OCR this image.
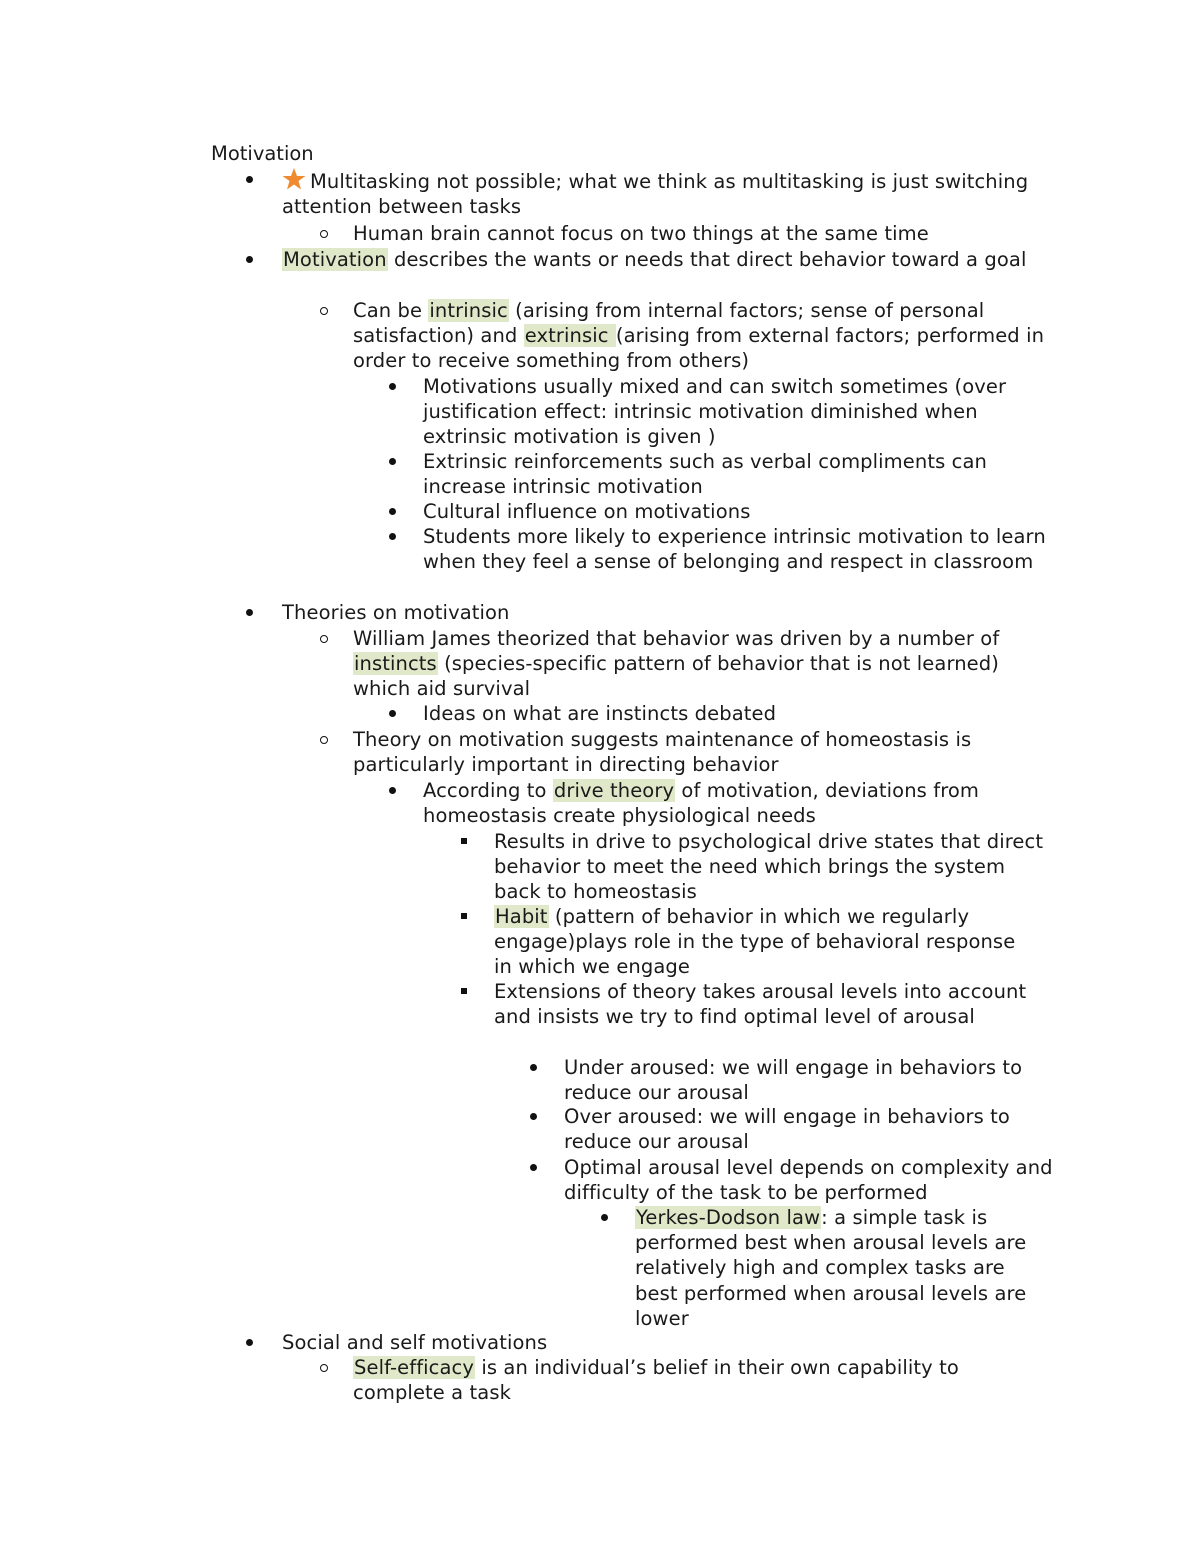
Motivation
Multitasking not possible; what we think as multitasking is just switching attention between tasks
Human brain cannot focus on two things at the same time
Motivation describes the wants or needs that direct behavior toward a goal
Can be intrinsic (arising from internal factors; sense of personal satisfaction) and extrinsic (arising from external factors; performed in order to receive something from others)
Motivations usually mixed and can switch sometimes (over justification effect: intrinsic motivation diminished when extrinsic motivation is given )
Extrinsic reinforcements such as verbal compliments can increase intrinsic motivation
Cultural influence on motivations
Students more likely to experience intrinsic motivation to learn when they feel a sense of belonging and respect in classroom
Theories on motivation
William James theorized that behavior was driven by a number of instincts (species-specific pattern of behavior that is not learned) which aid survival
Ideas on what are instincts debated
Theory on motivation suggests maintenance of homeostasis is particularly important in directing behavior
According to drive theory of motivation, deviations from homeostasis create physiological needs
Results in drive to psychological drive states that direct behavior to meet the need which brings the system back to homeostasis
Habit (pattern of behavior in which we regularly engage)plays role in the type of behavioral response in which we engage
Extensions of theory takes arousal levels into account and insists we try to find optimal level of arousal
Under aroused: we will engage in behaviors to reduce our arousal
Over aroused: we will engage in behaviors to reduce our arousal
Optimal arousal level depends on complexity and difficulty of the task to be performed
Yerkes-Dodson law: a simple task is performed best when arousal levels are relatively high and complex tasks are best performed when arousal levels are lower
Social and self motivations
Self-efficacy is an individual’s belief in their own capability to complete a task
